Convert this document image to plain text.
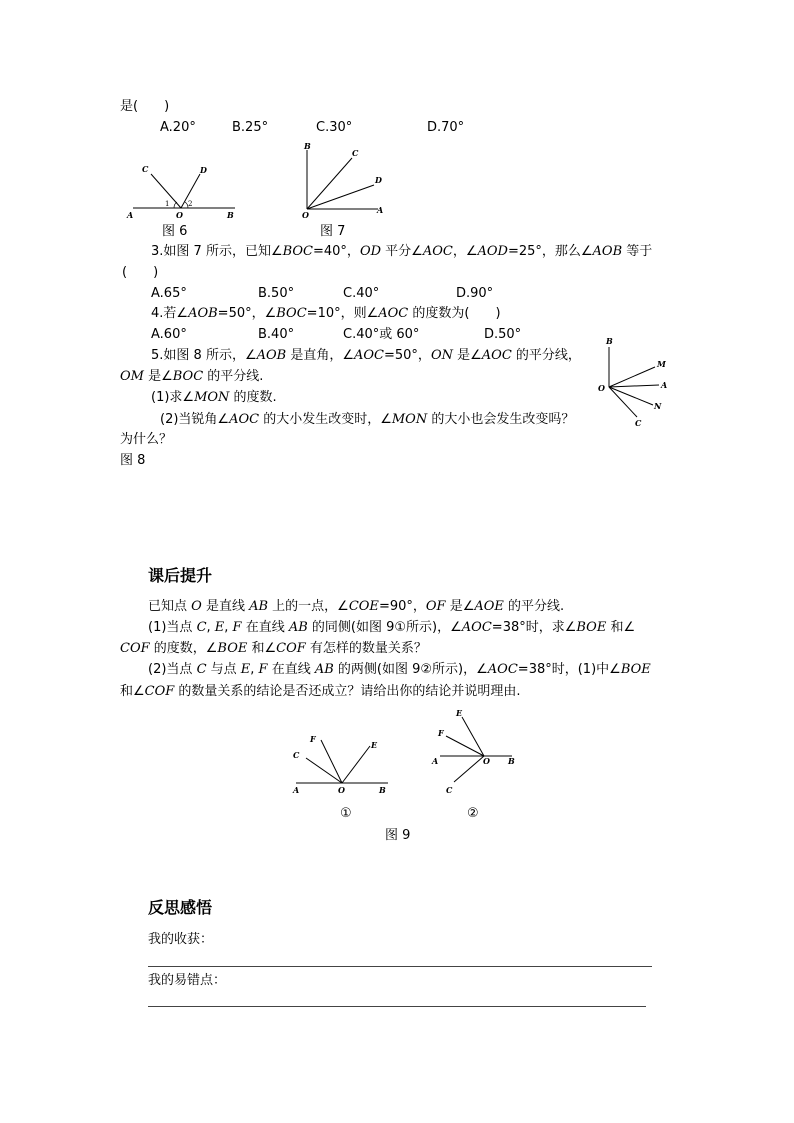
是(　　)
A.20°	B.25°	C.30°	D.70°
C	D
A	O	B
1	2
图 6
B
C
D
O	A
图 7
3.如图 7 所示，已知∠BOC=40°，OD 平分∠AOC，∠AOD=25°，那么∠AOB 等于
(　　)
A.65°	B.50°	C.40°	D.90°
4.若∠AOB=50°，∠BOC=10°，则∠AOC 的度数为(　　)
A.60°	B.40°	C.40°或 60°	D.50°
5.如图 8 所示，∠AOB 是直角，∠AOC=50°，ON 是∠AOC 的平分线，
OM 是∠BOC 的平分线.
(1)求∠MON 的度数.
(2)当锐角∠AOC 的大小发生改变时，∠MON 的大小也会发生改变吗？
为什么？
图 8
B
M
A
O
N
C
课后提升
已知点 O 是直线 AB 上的一点，∠COE=90°，OF 是∠AOE 的平分线.
(1)当点 C, E, F 在直线 AB 的同侧(如图 9①所示)，∠AOC=38°时，求∠BOE 和∠
COF 的度数，∠BOE 和∠COF 有怎样的数量关系？
(2)当点 C 与点 E, F 在直线 AB 的两侧(如图 9②所示)，∠AOC=38°时，(1)中∠BOE
和∠COF 的数量关系的结论是否还成立？请给出你的结论并说明理由.
C
F
E
A	O	B
E
F
A	O B
C
①	②
图 9
反思感悟
我的收获：
我的易错点：
